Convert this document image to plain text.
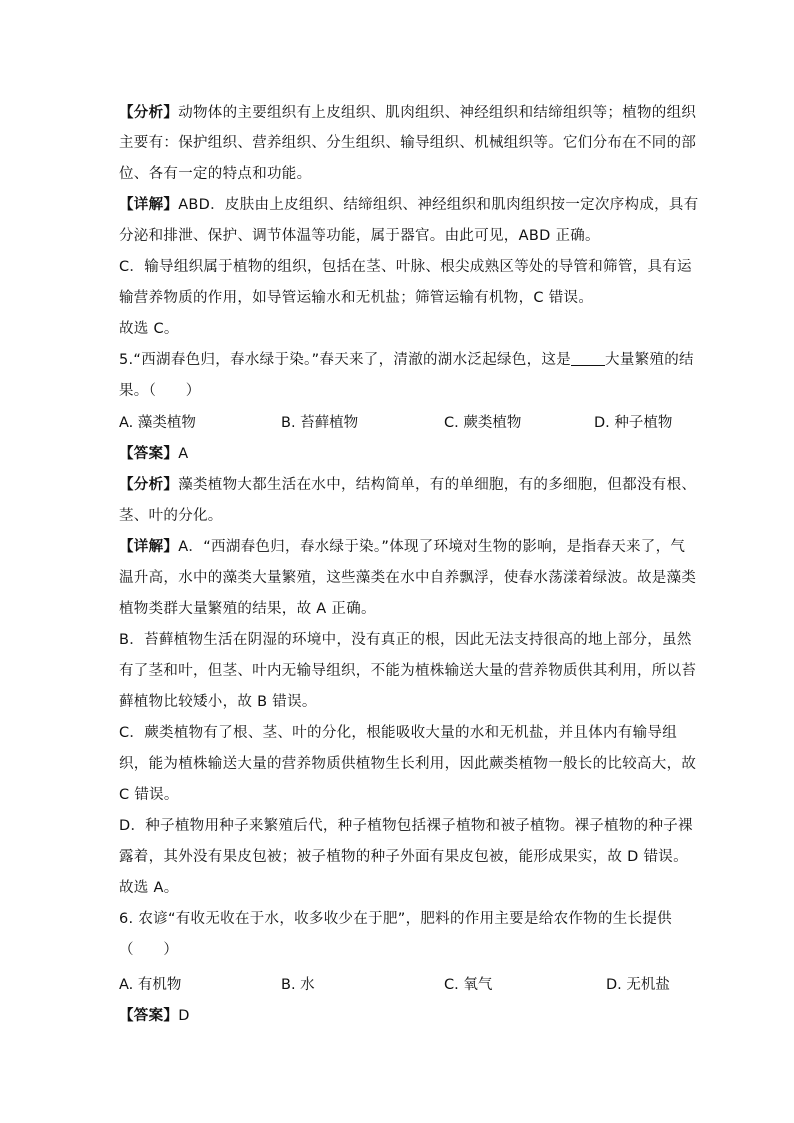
【分析】动物体的主要组织有上皮组织、肌肉组织、神经组织和结缔组织等；植物的组织
主要有：保护组织、营养组织、分生组织、输导组织、机械组织等。它们分布在不同的部
位、各有一定的特点和功能。
【详解】ABD．皮肤由上皮组织、结缔组织、神经组织和肌肉组织按一定次序构成，具有
分泌和排泄、保护、调节体温等功能，属于器官。由此可见，ABD 正确。
C．输导组织属于植物的组织，包括在茎、叶脉、根尖成熟区等处的导管和筛管，具有运
输营养物质的作用，如导管运输水和无机盐；筛管运输有机物，C 错误。
故选 C。
5.“西湖春色归，春水绿于染。”春天来了，清澈的湖水泛起绿色，这是 大量繁殖的结
果。（　　）
A. 藻类植物	B. 苔藓植物	C. 蕨类植物	D. 种子植物
【答案】A
【分析】藻类植物大都生活在水中，结构简单，有的单细胞，有的多细胞，但都没有根、
茎、叶的分化。
【详解】A．“西湖春色归，春水绿于染。”体现了环境对生物的影响，是指春天来了，气
温升高，水中的藻类大量繁殖，这些藻类在水中自养飘浮，使春水荡漾着绿波。故是藻类
植物类群大量繁殖的结果，故 A 正确。
B．苔藓植物生活在阴湿的环境中，没有真正的根，因此无法支持很高的地上部分，虽然
有了茎和叶，但茎、叶内无输导组织，不能为植株输送大量的营养物质供其利用，所以苔
藓植物比较矮小，故 B 错误。
C．蕨类植物有了根、茎、叶的分化，根能吸收大量的水和无机盐，并且体内有输导组
织，能为植株输送大量的营养物质供植物生长利用，因此蕨类植物一般长的比较高大，故
C 错误。
D．种子植物用种子来繁殖后代，种子植物包括裸子植物和被子植物。裸子植物的种子裸
露着，其外没有果皮包被；被子植物的种子外面有果皮包被，能形成果实，故 D 错误。
故选 A。
6. 农谚“有收无收在于水，收多收少在于肥”，肥料的作用主要是给农作物的生长提供
（　　）
A. 有机物	B. 水	C. 氧气	D. 无机盐
【答案】D
